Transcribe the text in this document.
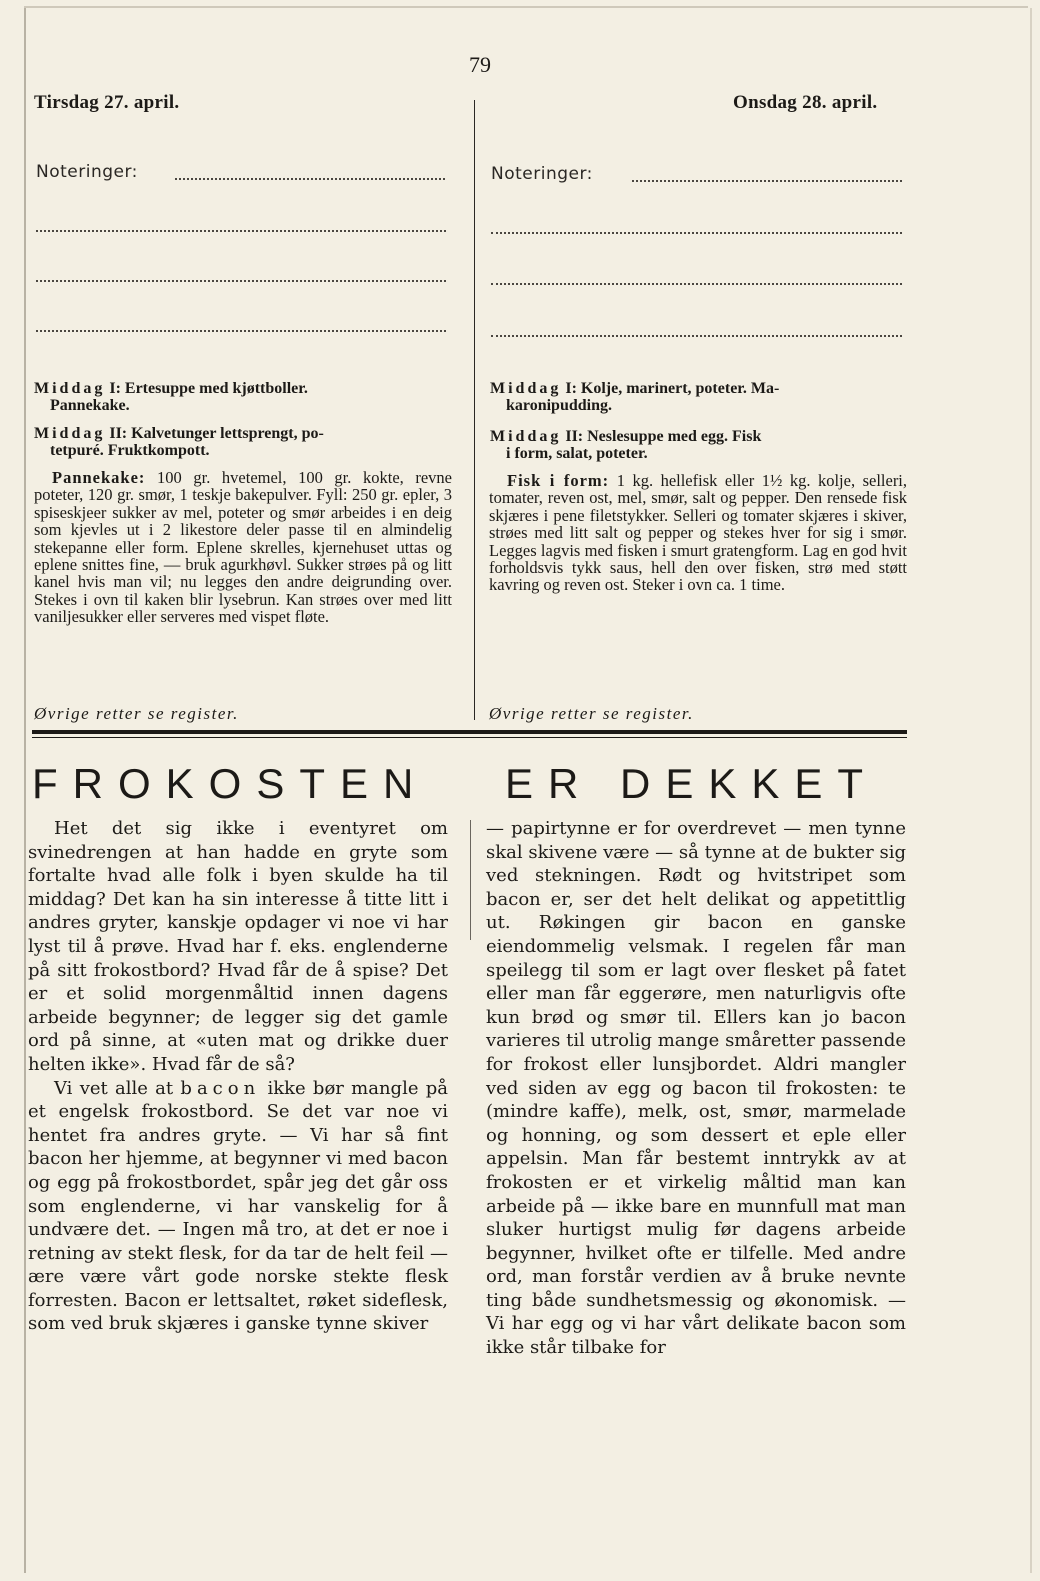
79
Tirsdag 27. april.	Onsdag 28. april.
Noteringer:	Noteringer:
Middag I: Ertesuppe med kjøttboller.
Pannekake.
Middag II: Kalvetunger lettsprengt, po-
tetpuré. Fruktkompott.
Pannekake: 100 gr. hvetemel, 100 gr. kokte, revne poteter, 120 gr. smør, 1 teskje bakepulver. Fyll: 250 gr. epler, 3 spiseskjeer sukker av mel, poteter og smør arbeides i en deig som kjevles ut i 2 likestore deler passe til en almindelig stekepanne eller form. Eplene skrelles, kjernehuset uttas og eplene snittes fine, — bruk agurkhøvl. Sukker strøes på og litt kanel hvis man vil; nu legges den andre deigrunding over. Stekes i ovn til kaken blir lysebrun. Kan strøes over med litt vaniljesukker eller serveres med vispet fløte.
Øvrige retter se register.
Middag I: Kolje, marinert, poteter. Ma-
karonipudding.
Middag II: Neslesuppe med egg. Fisk
i form, salat, poteter.
Fisk i form: 1 kg. hellefisk eller 1½ kg. kolje, selleri, tomater, reven ost, mel, smør, salt og pepper. Den rensede fisk skjæres i pene filetstykker. Selleri og tomater skjæres i skiver, strøes med litt salt og pepper og stekes hver for sig i smør. Legges lagvis med fisken i smurt gratengform. Lag en god hvit forholdsvis tykk saus, hell den over fisken, strø med støtt kavring og reven ost. Steker i ovn ca. 1 time.
Øvrige retter se register.
FROKOSTEN ER DEKKET

Het det sig ikke i eventyret om svinedrengen at han hadde en gryte som fortalte hvad alle folk i byen skulde ha til middag? Det kan ha sin interesse å titte litt i andres gryter, kanskje opdager vi noe vi har lyst til å prøve. Hvad har f. eks. englenderne på sitt frokostbord? Hvad får de å spise? Det er et solid morgenmåltid innen dagens arbeide begynner; de legger sig det gamle ord på sinne, at «uten mat og drikke duer helten ikke». Hvad får de så?

Vi vet alle at bacon ikke bør mangle på et engelsk frokostbord. Se det var noe vi hentet fra andres gryte. — Vi har så fint bacon her hjemme, at begynner vi med bacon og egg på frokostbordet, spår jeg det går oss som englenderne, vi har vanskelig for å undvære det. — Ingen må tro, at det er noe i retning av stekt flesk, for da tar de helt feil — ære være vårt gode norske stekte flesk forresten. Bacon er lettsaltet, røket sideflesk, som ved bruk skjæres i ganske tynne skiver

— papirtynne er for overdrevet — men tynne skal skivene være — så tynne at de bukter sig ved stekningen. Rødt og hvitstripet som bacon er, ser det helt delikat og appetittlig ut. Røkingen gir bacon en ganske eiendommelig velsmak. I regelen får man speilegg til som er lagt over flesket på fatet eller man får eggerøre, men naturligvis ofte kun brød og smør til. Ellers kan jo bacon varieres til utrolig mange småretter passende for frokost eller lunsjbordet. Aldri mangler ved siden av egg og bacon til frokosten: te (mindre kaffe), melk, ost, smør, marmelade og honning, og som dessert et eple eller appelsin. Man får bestemt inntrykk av at frokosten er et virkelig måltid man kan arbeide på — ikke bare en munnfull mat man sluker hurtigst mulig før dagens arbeide begynner, hvilket ofte er tilfelle. Med andre ord, man forstår verdien av å bruke nevnte ting både sundhetsmessig og økonomisk. — Vi har egg og vi har vårt delikate bacon som ikke står tilbake for
